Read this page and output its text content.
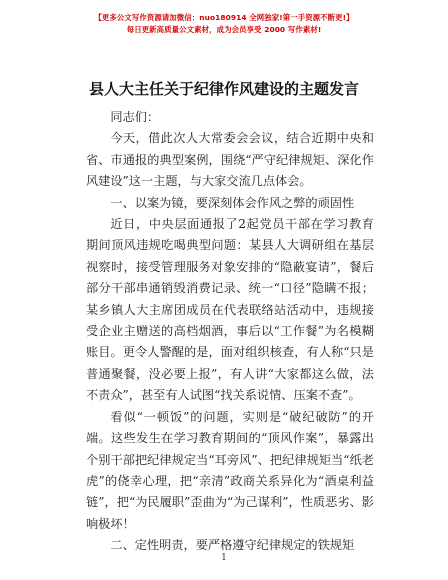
【更多公文写作资源请加微信：nuo180914 全网独家!第一手资源不断更!】
每日更新高质量公文素材，成为会员享受 2000 写作素材!
县人大主任关于纪律作风建设的主题发言

同志们：

今天，借此次人大常委会会议，结合近期中央和省、市通报的典型案例，围绕“严守纪律规矩、深化作风建设”这一主题，与大家交流几点体会。

一、以案为镜，要深刻体会作风之弊的顽固性

近日，中央层面通报了2起党员干部在学习教育期间顶风违规吃喝典型问题：某县人大调研组在基层视察时，接受管理服务对象安排的“隐蔽宴请”，餐后部分干部串通销毁消费记录、统一“口径”隐瞒不报；某乡镇人大主席团成员在代表联络站活动中，违规接受企业主赠送的高档烟酒，事后以“工作餐”为名模糊账目。更令人警醒的是，面对组织核查，有人称“只是普通聚餐，没必要上报”，有人讲“大家都这么做，法不责众”，甚至有人试图“找关系说情、压案不查”。

看似“一顿饭”的问题，实则是“破纪破防”的开端。这些发生在学习教育期间的“顶风作案”，暴露出个别干部把纪律规定当“耳旁风”、把纪律规矩当“纸老虎”的侥幸心理，把“亲清”政商关系异化为“酒桌利益链”，把“为民履职”歪曲为“为己谋利”，性质恶劣、影响极坏！

二、定性明责，要严格遵守纪律规定的铁规矩

1
